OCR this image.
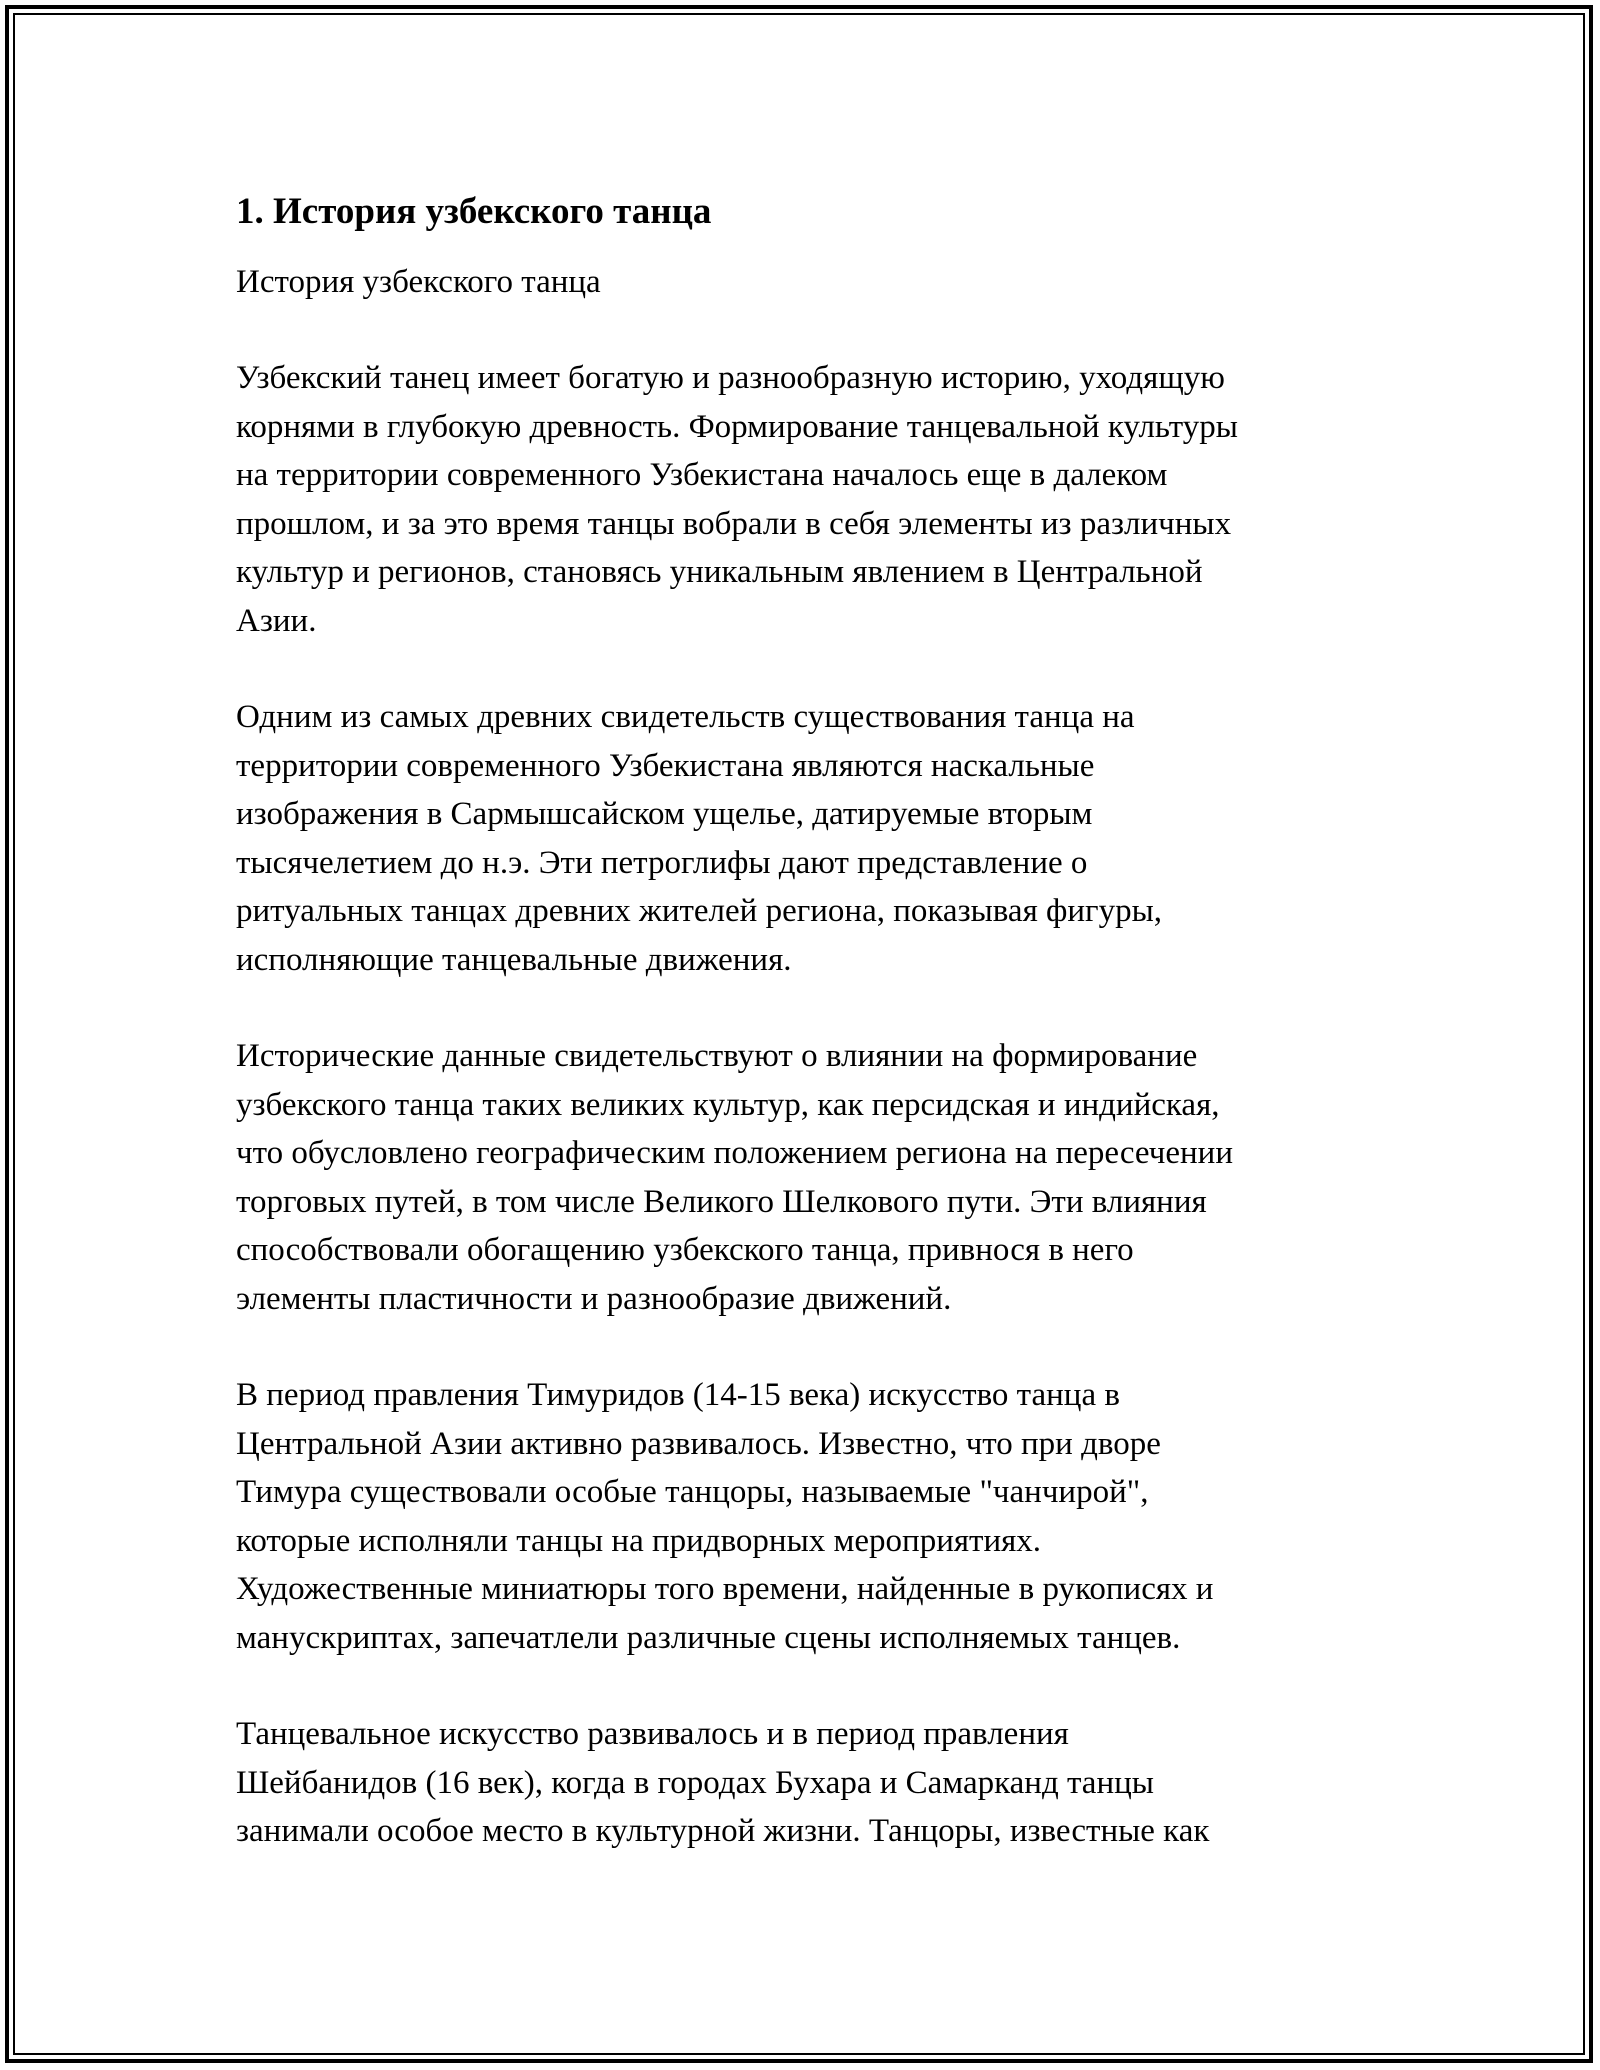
1. История узбекского танца

История узбекского танца

Узбекский танец имеет богатую и разнообразную историю, уходящую
корнями в глубокую древность. Формирование танцевальной культуры
на территории современного Узбекистана началось еще в далеком
прошлом, и за это время танцы вобрали в себя элементы из различных
культур и регионов, становясь уникальным явлением в Центральной
Азии.

Одним из самых древних свидетельств существования танца на
территории современного Узбекистана являются наскальные
изображения в Сармышсайском ущелье, датируемые вторым
тысячелетием до н.э. Эти петроглифы дают представление о
ритуальных танцах древних жителей региона, показывая фигуры,
исполняющие танцевальные движения.

Исторические данные свидетельствуют о влиянии на формирование
узбекского танца таких великих культур, как персидская и индийская,
что обусловлено географическим положением региона на пересечении
торговых путей, в том числе Великого Шелкового пути. Эти влияния
способствовали обогащению узбекского танца, привнося в него
элементы пластичности и разнообразие движений.

В период правления Тимуридов (14-15 века) искусство танца в
Центральной Азии активно развивалось. Известно, что при дворе
Тимура существовали особые танцоры, называемые "чанчирой",
которые исполняли танцы на придворных мероприятиях.
Художественные миниатюры того времени, найденные в рукописях и
манускриптах, запечатлели различные сцены исполняемых танцев.

Танцевальное искусство развивалось и в период правления
Шейбанидов (16 век), когда в городах Бухара и Самарканд танцы
занимали особое место в культурной жизни. Танцоры, известные как
